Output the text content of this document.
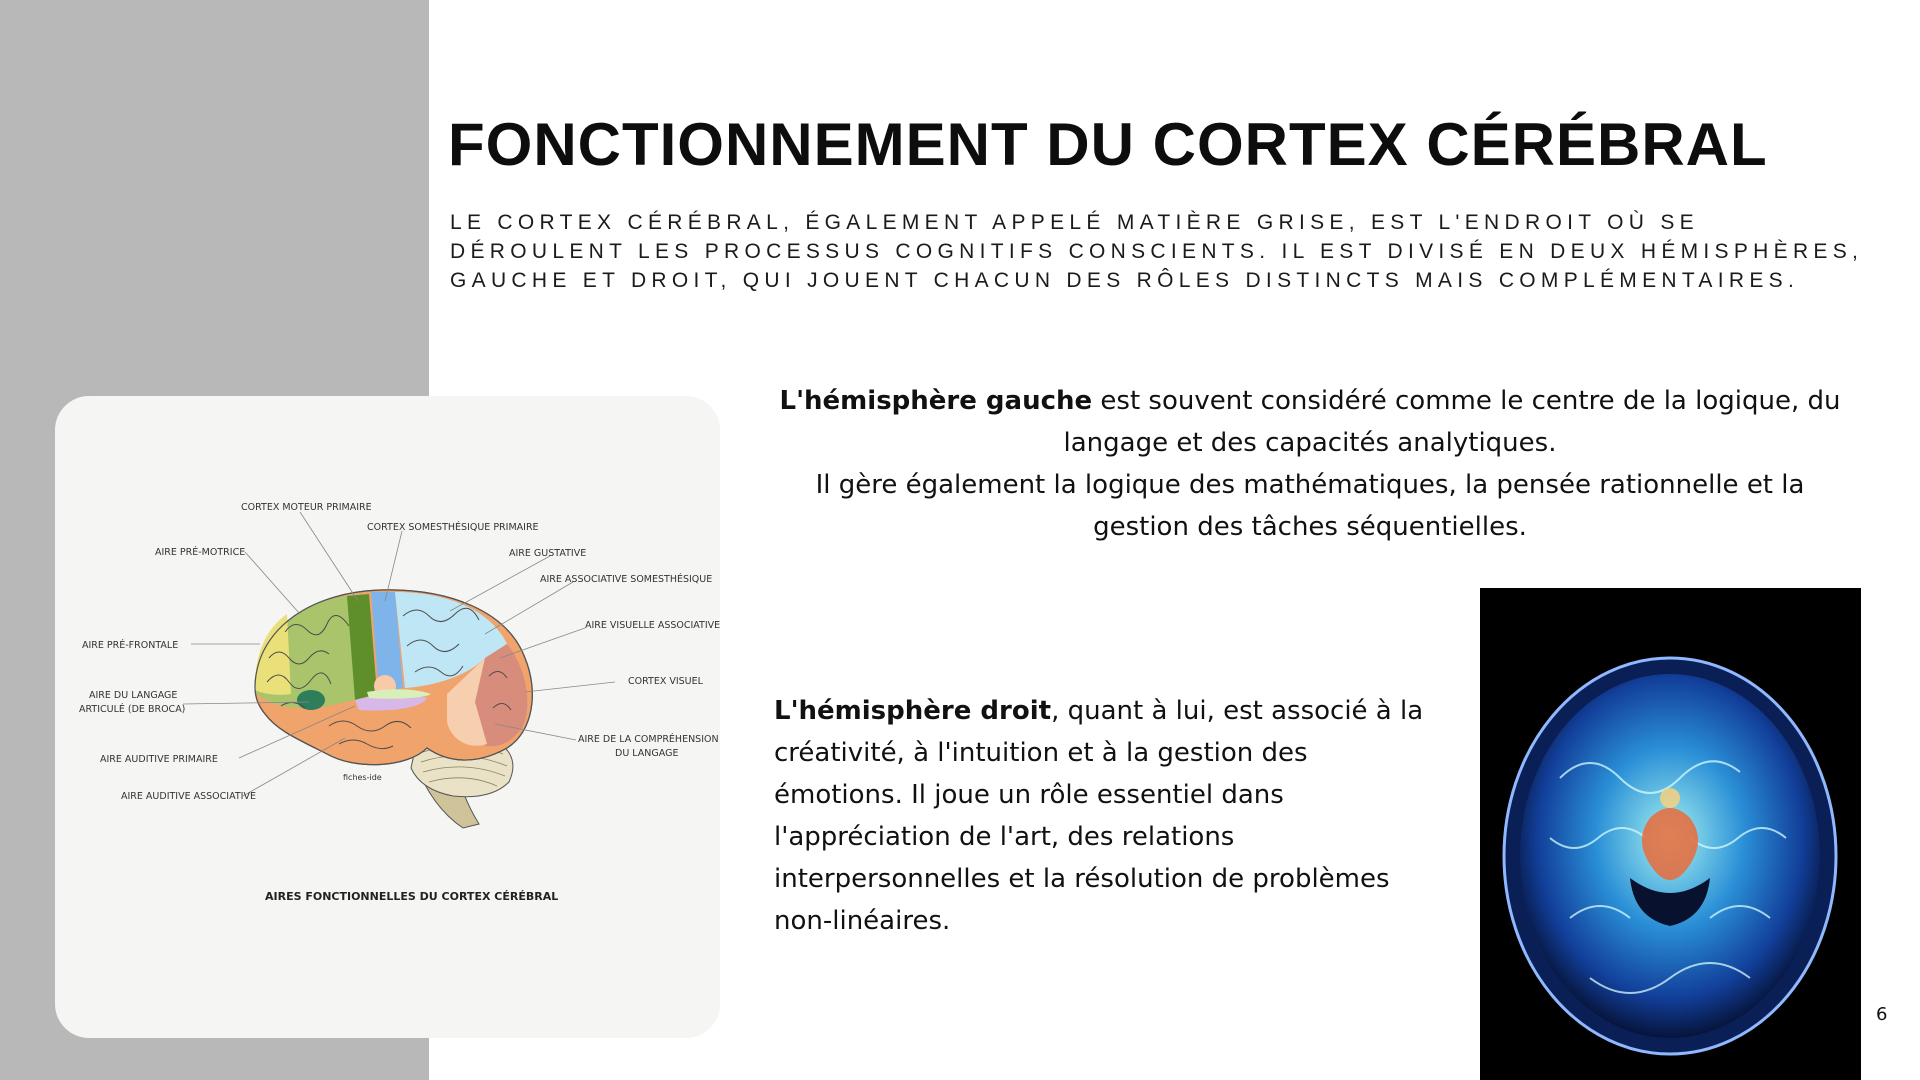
FONCTIONNEMENT DU CORTEX CÉRÉBRAL

LE CORTEX CÉRÉBRAL, ÉGALEMENT APPELÉ MATIÈRE GRISE, EST L'ENDROIT OÙ SE DÉROULENT LES PROCESSUS COGNITIFS CONSCIENTS. IL EST DIVISÉ EN DEUX HÉMISPHÈRES, GAUCHE ET DROIT, QUI JOUENT CHACUN DES RÔLES DISTINCTS MAIS COMPLÉMENTAIRES.

CORTEX MOTEUR PRIMAIRE
CORTEX SOMESTHÉSIQUE PRIMAIRE
AIRE PRÉ-MOTRICE	AIRE GUSTATIVE
AIRE ASSOCIATIVE SOMESTHÉSIQUE
AIRE PRÉ-FRONTALE
AIRE VISUELLE ASSOCIATIVE
AIRE DU LANGAGE
ARTICULÉ (DE BROCA)
CORTEX VISUEL
AIRE AUDITIVE PRIMAIRE
AIRE DE LA COMPRÉHENSION
DU LANGAGE
AIRE AUDITIVE ASSOCIATIVE
fiches-ide
AIRES FONCTIONNELLES DU CORTEX CÉRÉBRAL

L'hémisphère gauche est souvent considéré comme le centre de la logique, du langage et des capacités analytiques.
Il gère également la logique des mathématiques, la pensée rationnelle et la gestion des tâches séquentielles.

L'hémisphère droit, quant à lui, est associé à la créativité, à l'intuition et à la gestion des émotions. Il joue un rôle essentiel dans l'appréciation de l'art, des relations interpersonnelles et la résolution de problèmes non-linéaires.

6
